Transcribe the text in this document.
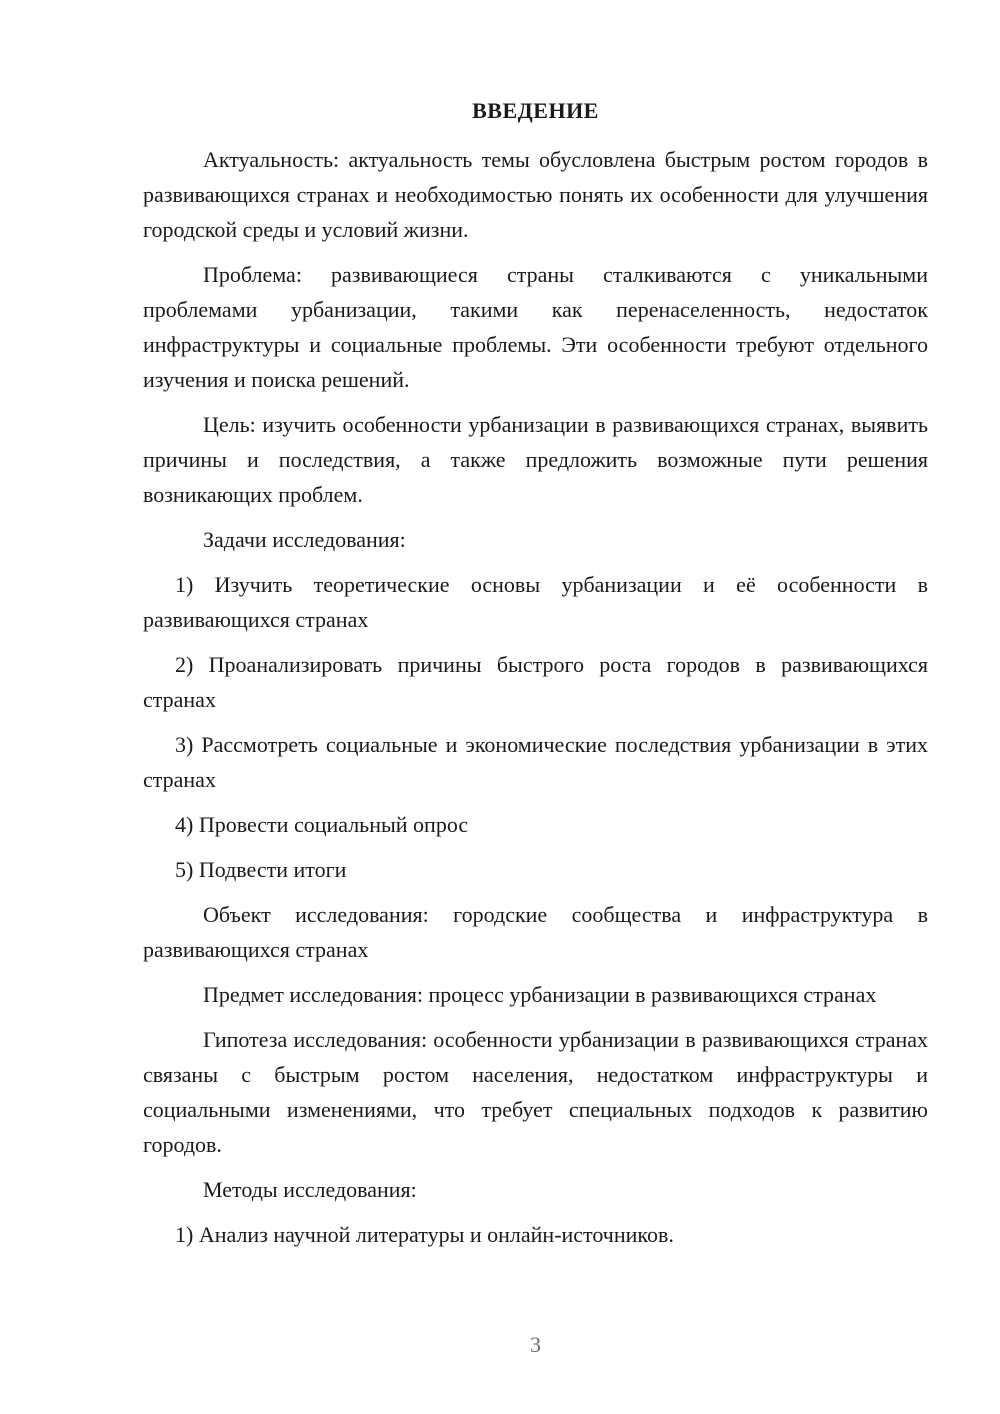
ВВЕДЕНИЕ

Актуальность: актуальность темы обусловлена быстрым ростом городов в развивающихся странах и необходимостью понять их особенности для улучшения городской среды и условий жизни.

Проблема: развивающиеся страны сталкиваются с уникальными проблемами урбанизации, такими как перенаселенность, недостаток инфраструктуры и социальные проблемы. Эти особенности требуют отдельного изучения и поиска решений.

Цель: изучить особенности урбанизации в развивающихся странах, выявить причины и последствия, а также предложить возможные пути решения возникающих проблем.

Задачи исследования:

1) Изучить теоретические основы урбанизации и её особенности в развивающихся странах

2) Проанализировать причины быстрого роста городов в развивающихся странах

3) Рассмотреть социальные и экономические последствия урбанизации в этих странах

4) Провести социальный опрос

5) Подвести итоги

Объект исследования: городские сообщества и инфраструктура в развивающихся странах

Предмет исследования: процесс урбанизации в развивающихся странах

Гипотеза исследования: особенности урбанизации в развивающихся странах связаны с быстрым ростом населения, недостатком инфраструктуры и социальными изменениями, что требует специальных подходов к развитию городов.

Методы исследования:

1) Анализ научной литературы и онлайн-источников.

3
